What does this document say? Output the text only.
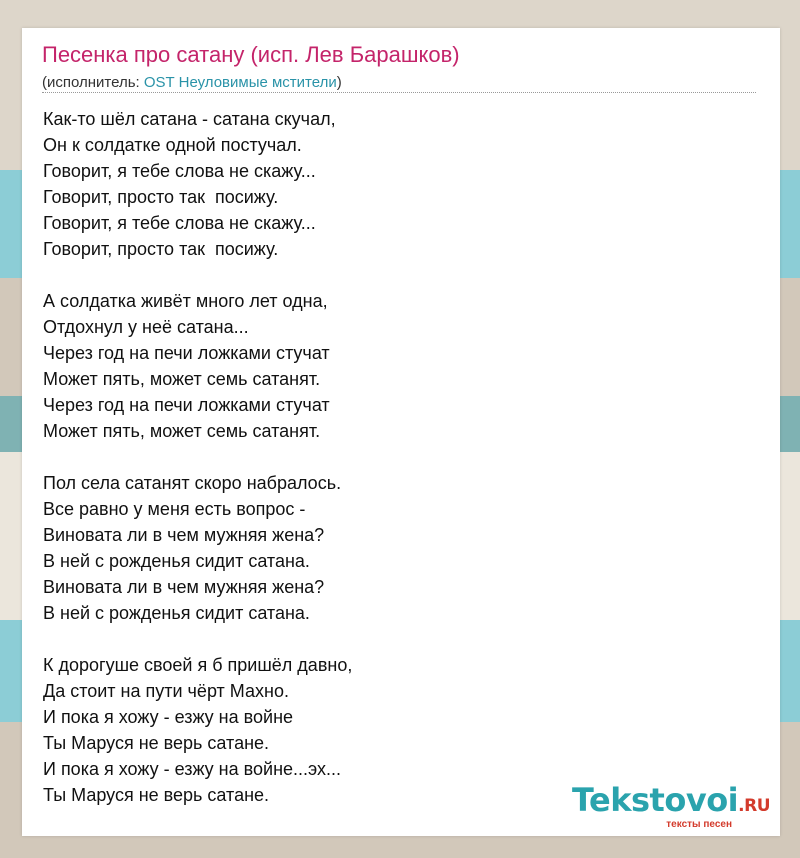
Песенка про сатану (исп. Лев Барашков)
(исполнитель: OST Неуловимые мстители)
Как-то шёл сатана - сатана скучал,
Он к солдатке одной постучал.
Говорит, я тебе слова не скажу...
Говорит, просто так  посижу.
Говорит, я тебе слова не скажу...
Говорит, просто так  посижу.
А солдатка живёт много лет одна,
Отдохнул у неё сатана...
Через год на печи ложками стучат
Может пять, может семь сатанят.
Через год на печи ложками стучат
Может пять, может семь сатанят.
Пол села сатанят скоро набралось.
Все равно у меня есть вопрос -
Виновата ли в чем мужняя жена?
В ней с рожденья сидит сатана.
Виновата ли в чем мужняя жена?
В ней с рожденья сидит сатана.
К дорогуше своей я б пришёл давно,
Да стоит на пути чёрт Махно.
И пока я хожу - езжу на войне
Ты Маруся не верь сатане.
И пока я хожу - езжу на войне...эх...
Ты Маруся не верь сатане.	Tekstovoi.RU
тексты песен
